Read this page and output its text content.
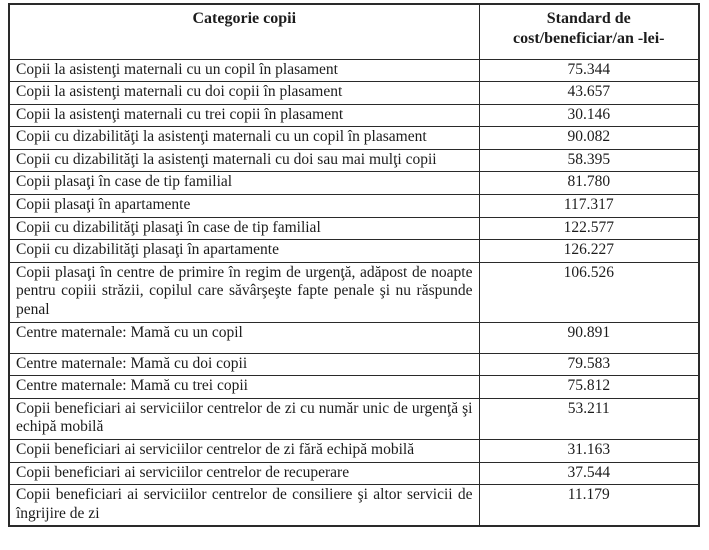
Categorie copii	Standard de
cost/beneficiar/an -lei-

Copii la asistenţi maternali cu un copil în plasament	75.344
Copii la asistenţi maternali cu doi copii în plasament	43.657
Copii la asistenţi maternali cu trei copii în plasament	30.146
Copii cu dizabilităţi la asistenţi maternali cu un copil în plasament	90.082
Copii cu dizabilităţi la asistenţi maternali cu doi sau mai mulţi copii	58.395
Copii plasaţi în case de tip familial	81.780
Copii plasaţi în apartamente	117.317
Copii cu dizabilităţi plasaţi în case de tip familial	122.577
Copii cu dizabilităţi plasaţi în apartamente	126.227
Copii plasaţi în centre de primire în regim de urgenţă, adăpost de noapte pentru copiii străzii, copilul care săvârşeşte fapte penale şi nu răspunde penal	106.526
Centre maternale: Mamă cu un copil	90.891
Centre maternale: Mamă cu doi copii	79.583
Centre maternale: Mamă cu trei copii	75.812
Copii beneficiari ai serviciilor centrelor de zi cu număr unic de urgenţă şi echipă mobilă	53.211
Copii beneficiari ai serviciilor centrelor de zi fără echipă mobilă	31.163
Copii beneficiari ai serviciilor centrelor de recuperare	37.544
Copii beneficiari ai serviciilor centrelor de consiliere şi altor servicii de îngrijire de zi	11.179
